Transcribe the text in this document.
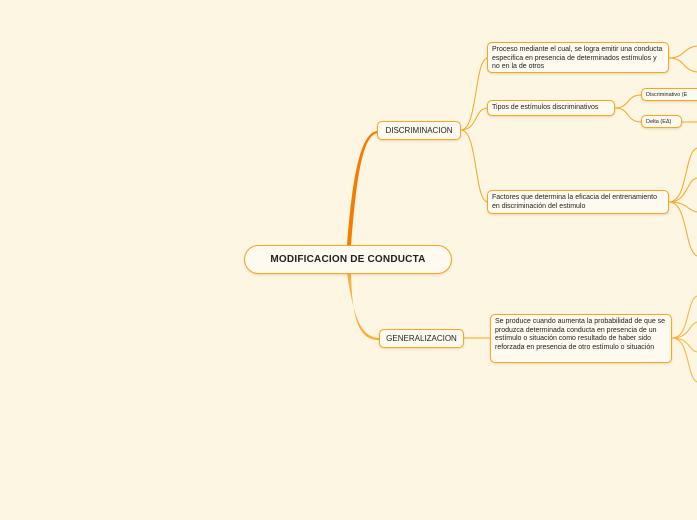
MODIFICACION DE CONDUCTA
DISCRIMINACION
GENERALIZACION
Proceso mediante el cual, se logra emitir una conducta especifica en presencia de determinados estímulos y no en la de otros
Tipos de estímulos discriminativos
Discriminativo (E
Delta (EΔ)
Factores que determina la eficacia del entrenamiento en discriminación del estimulo
Se produce cuando aumenta la probabilidad de que se produzca determinada conducta en presencia de un estímulo o situación como resultado de haber sido reforzada en presencia de otro estímulo o situación
